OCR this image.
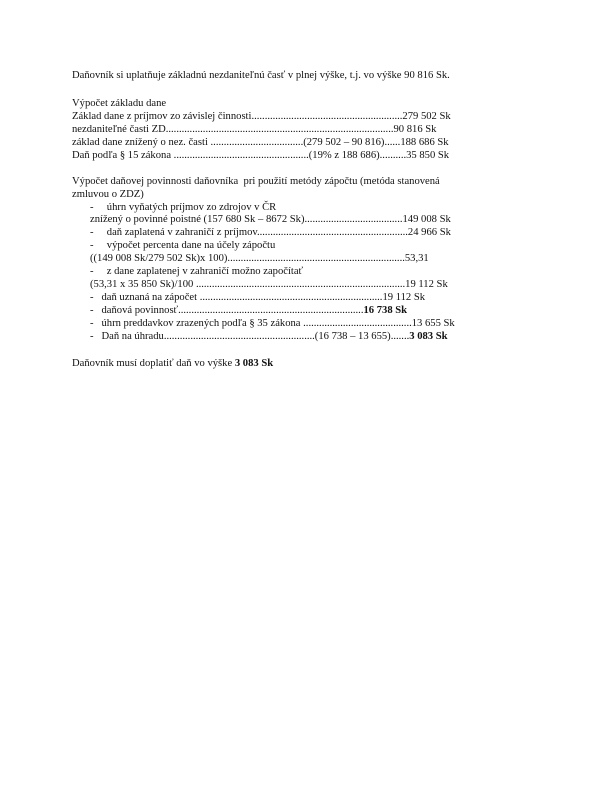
Daňovník si uplatňuje základnú nezdaniteľnú časť v plnej výške, t.j. vo výške 90 816 Sk.
Výpočet základu dane
Základ dane z príjmov zo závislej činnosti.........................................................279 502 Sk
nezdaniteľné časti ZD......................................................................................90 816 Sk
základ dane znížený o nez. časti ...................................(279 502 – 90 816)......188 686 Sk
Daň podľa § 15 zákona ...................................................(19% z 188 686)..........35 850 Sk
Výpočet daňovej povinnosti daňovníka  pri použití metódy zápočtu (metóda stanovená
zmluvou o ZDZ)
-     úhrn vyňatých príjmov zo zdrojov v ČR
znížený o povinné poistné (157 680 Sk – 8672 Sk).....................................149 008 Sk
-     daň zaplatená v zahraničí z príjmov.........................................................24 966 Sk
-     výpočet percenta dane na účely zápočtu
((149 008 Sk/279 502 Sk)x 100)...................................................................53,31
-     z dane zaplatenej v zahraničí možno započítať
(53,31 x 35 850 Sk)/100 ...............................................................................19 112 Sk
-   daň uznaná na zápočet .....................................................................19 112 Sk
-   daňová povinnosť......................................................................16 738 Sk
-   úhrn preddavkov zrazených podľa § 35 zákona .........................................13 655 Sk
-   Daň na úhradu.........................................................(16 738 – 13 655).......3 083 Sk
Daňovník musí doplatiť daň vo výške 3 083 Sk
